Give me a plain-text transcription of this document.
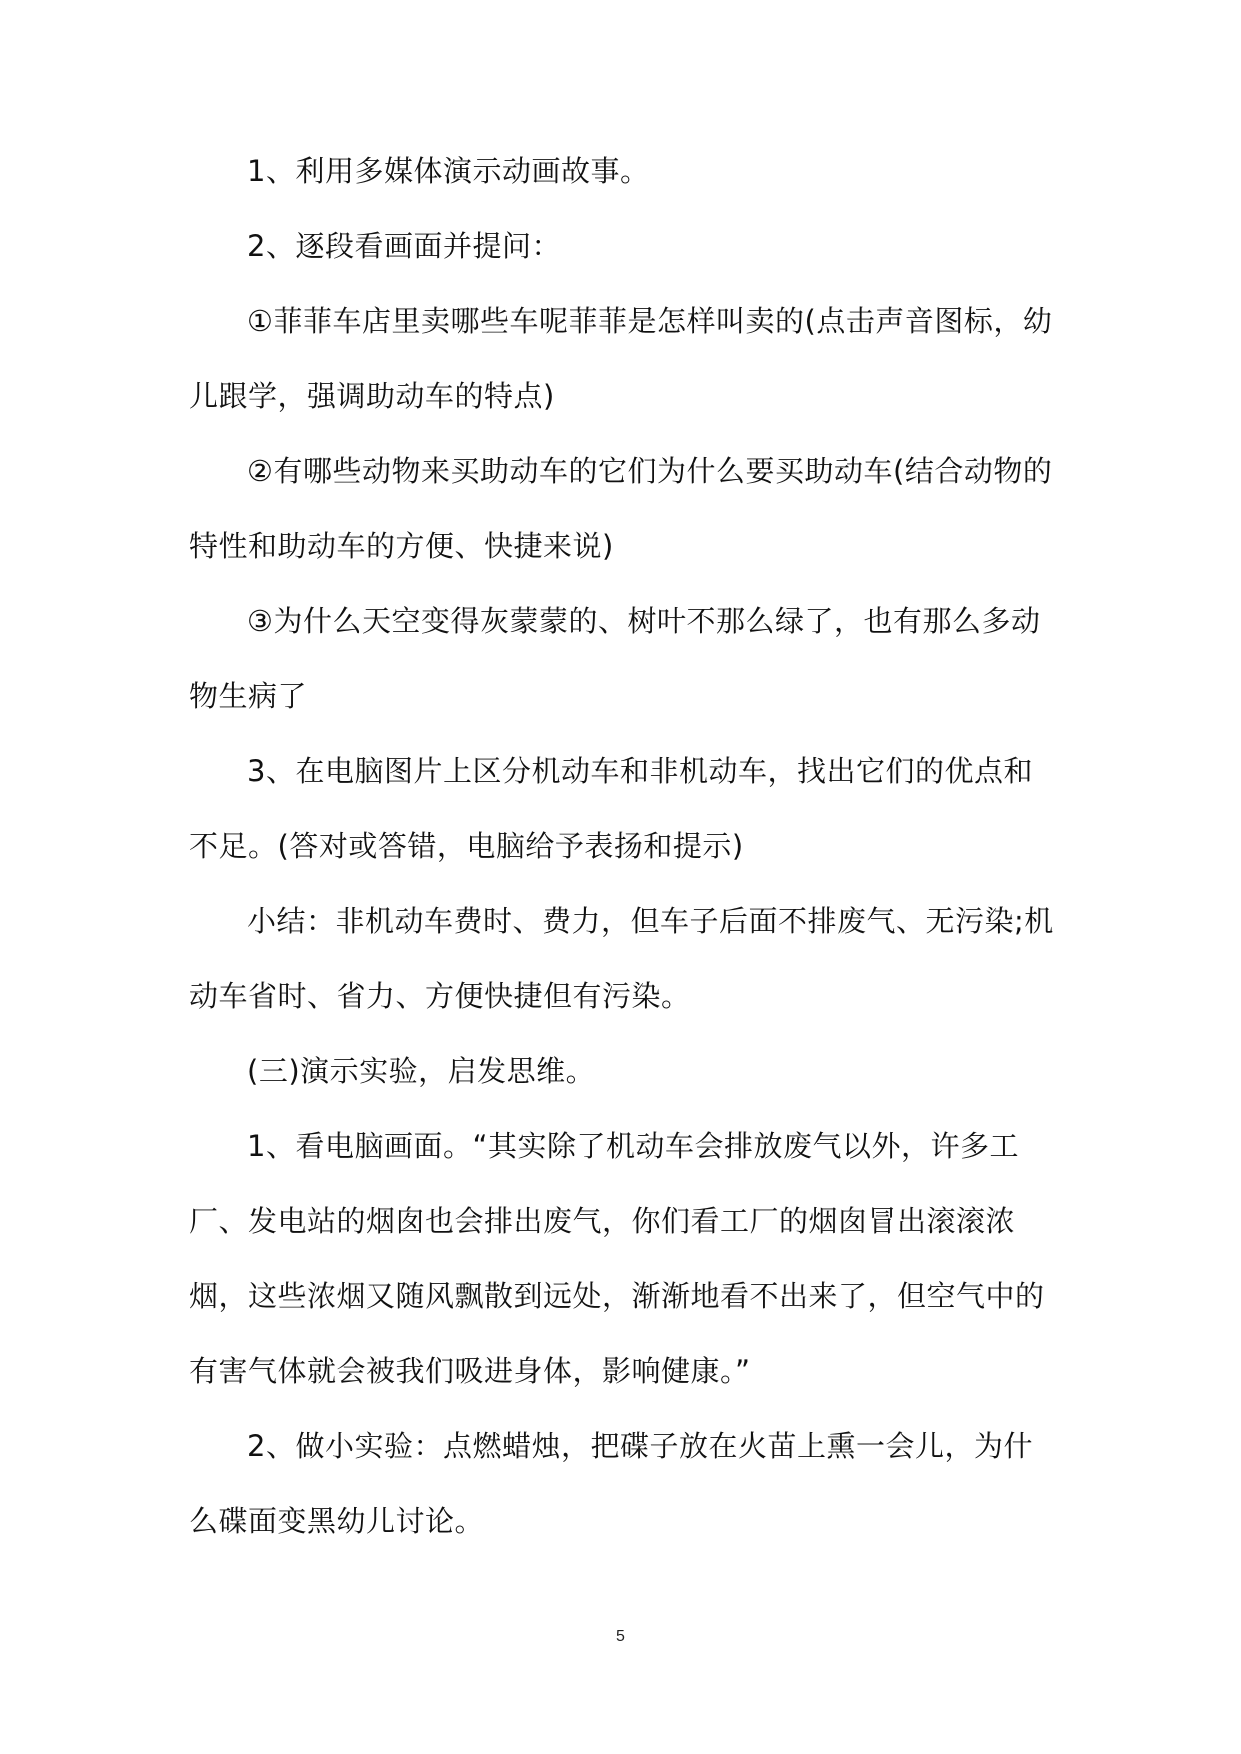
1、利用多媒体演示动画故事。

2、逐段看画面并提问：

①菲菲车店里卖哪些车呢菲菲是怎样叫卖的(点击声音图标，幼儿跟学，强调助动车的特点)

②有哪些动物来买助动车的它们为什么要买助动车(结合动物的特性和助动车的方便、快捷来说)

③为什么天空变得灰蒙蒙的、树叶不那么绿了，也有那么多动物生病了

3、在电脑图片上区分机动车和非机动车，找出它们的优点和不足。(答对或答错，电脑给予表扬和提示)

小结：非机动车费时、费力，但车子后面不排废气、无污染;机动车省时、省力、方便快捷但有污染。

(三)演示实验，启发思维。

1、看电脑画面。“其实除了机动车会排放废气以外，许多工厂、发电站的烟囱也会排出废气，你们看工厂的烟囱冒出滚滚浓烟，这些浓烟又随风飘散到远处，渐渐地看不出来了，但空气中的有害气体就会被我们吸进身体，影响健康。”

2、做小实验：点燃蜡烛，把碟子放在火苗上熏一会儿，为什么碟面变黑幼儿讨论。

5
